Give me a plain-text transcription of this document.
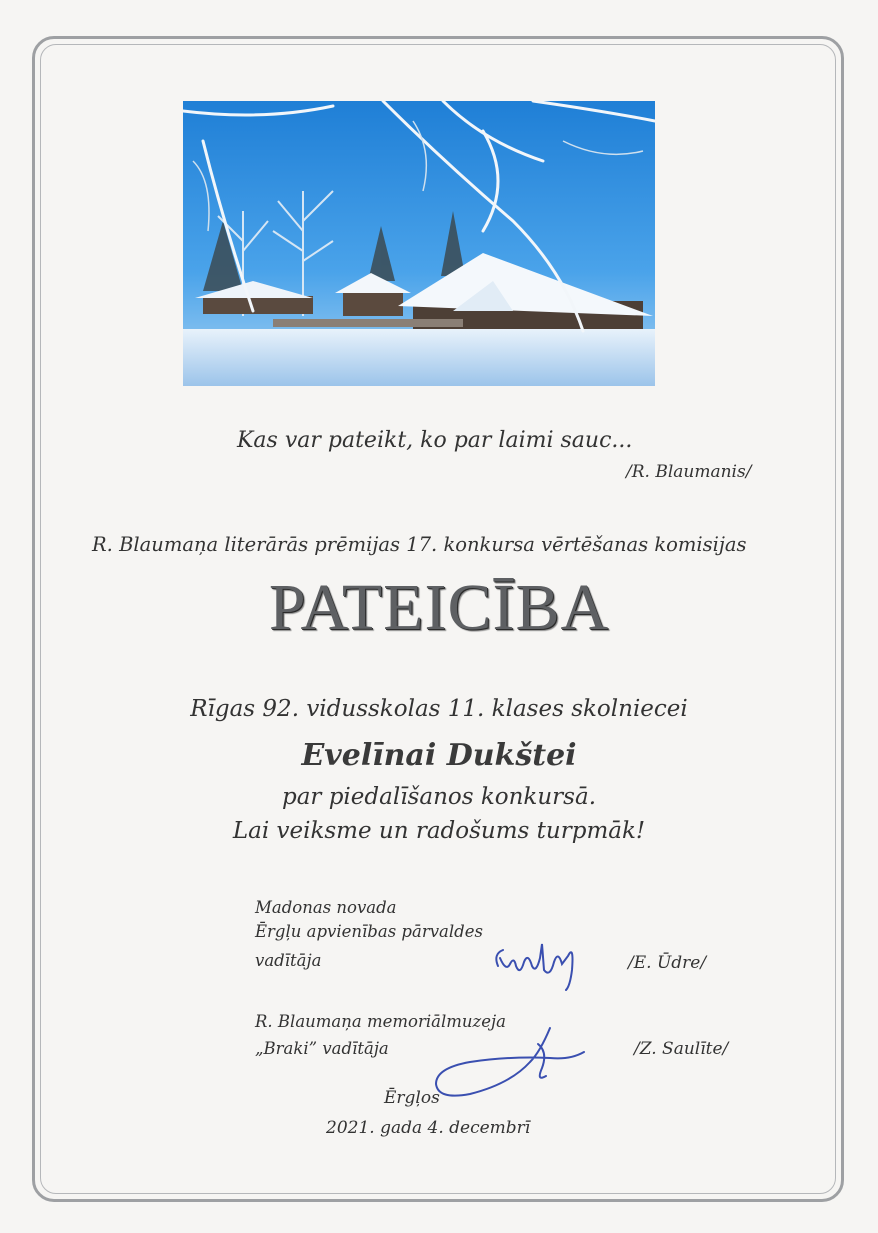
Kas var pateikt, ko par laimi sauc...
/R. Blaumanis/
R. Blaumaņa literārās prēmijas 17. konkursa vērtēšanas komisijas
PATEICĪBA
Rīgas 92. vidusskolas 11. klases skolniecei
Evelīnai Dukštei
par piedalīšanos konkursā.
Lai veiksme un radošums turpmāk!
Madonas novada
Ērgļu apvienības pārvaldes
vadītāja	/E. Ūdre/
R. Blaumaņa memoriālmuzeja
„Braki” vadītāja	/Z. Saulīte/
Ērgļos
2021. gada 4. decembrī
